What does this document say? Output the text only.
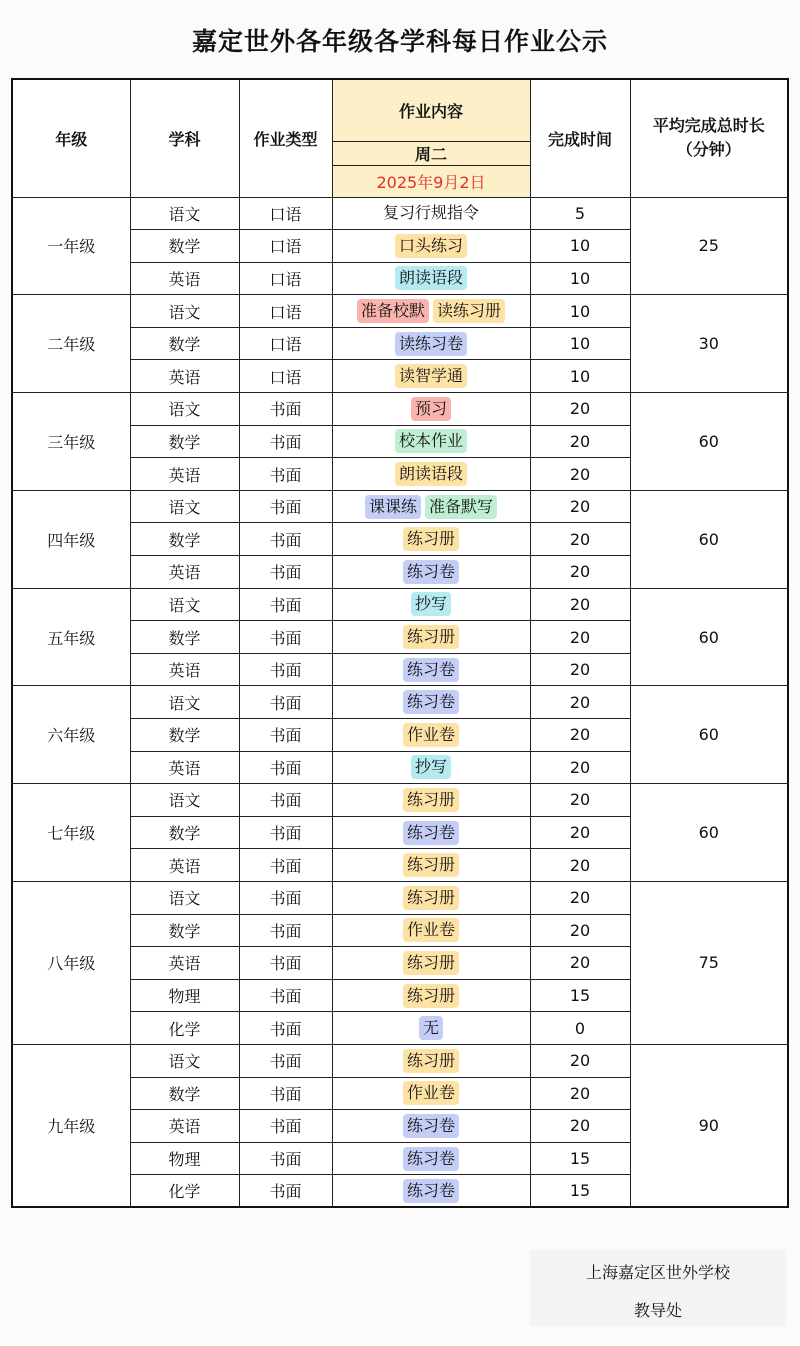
嘉定世外各年级各学科每日作业公示
年级	学科	作业类型	作业内容	完成时间	平均完成总时长（分钟）
			周二		
			2025年9月2日		
一年级	语文	口语	复习行规指令	5	25
	数学	口语	口头练习	10	
	英语	口语	朗读语段	10	
二年级	语文	口语	准备校默 读练习册	10	30
	数学	口语	读练习卷	10	
	英语	口语	读智学通	10	
三年级	语文	书面	预习	20	60
	数学	书面	校本作业	20	
	英语	书面	朗读语段	20	
四年级	语文	书面	课课练 准备默写	20	60
	数学	书面	练习册	20	
	英语	书面	练习卷	20	
五年级	语文	书面	抄写	20	60
	数学	书面	练习册	20	
	英语	书面	练习卷	20	
六年级	语文	书面	练习卷	20	60
	数学	书面	作业卷	20	
	英语	书面	抄写	20	
七年级	语文	书面	练习册	20	60
	数学	书面	练习卷	20	
	英语	书面	练习册	20	
八年级	语文	书面	练习册	20	75
	数学	书面	作业卷	20	
	英语	书面	练习册	20	
	物理	书面	练习册	15	
	化学	书面	无	0	
九年级	语文	书面	练习册	20	90
	数学	书面	作业卷	20	
	英语	书面	练习卷	20	
	物理	书面	练习卷	15	
	化学	书面	练习卷	15	
上海嘉定区世外学校
教导处
